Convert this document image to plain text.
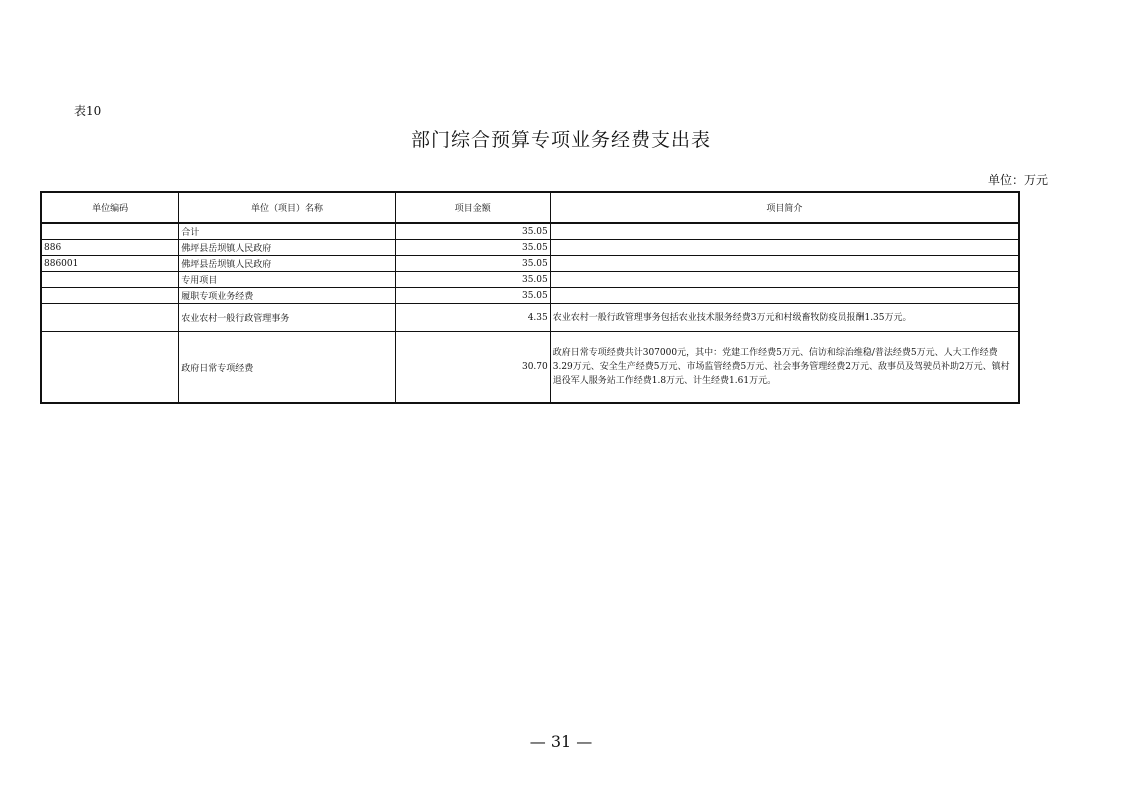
表10
部门综合预算专项业务经费支出表
单位：万元
单位编码	单位（项目）名称	项目金额	项目简介
	合计	35.05	
886	佛坪县岳坝镇人民政府	35.05	
886001	佛坪县岳坝镇人民政府	35.05	
	专用项目	35.05	
	履职专项业务经费	35.05	
	农业农村一般行政管理事务	4.35	农业农村一般行政管理事务包括农业技术服务经费3万元和村级畜牧防疫员报酬1.35万元。
	政府日常专项经费	30.70	政府日常专项经费共计307000元，其中：党建工作经费5万元、信访和综治维稳/普法经费5万元、人大工作经费3.29万元、安全生产经费5万元、市场监管经费5万元、社会事务管理经费2万元、敌事员及驾驶员补助2万元、镇村退役军人服务站工作经费1.8万元、计生经费1.61万元。
— 31 —
